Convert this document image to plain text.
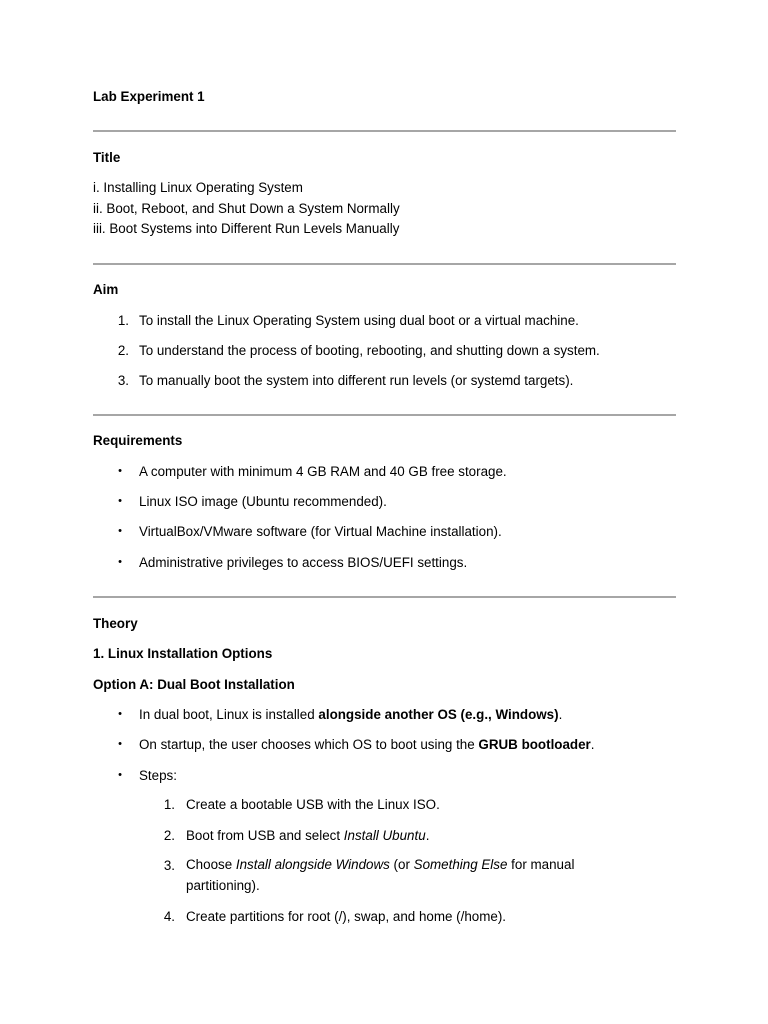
Lab Experiment 1
Title
i. Installing Linux Operating System
ii. Boot, Reboot, and Shut Down a System Normally
iii. Boot Systems into Different Run Levels Manually
Aim
1. To install the Linux Operating System using dual boot or a virtual machine.
2. To understand the process of booting, rebooting, and shutting down a system.
3. To manually boot the system into different run levels (or systemd targets).
Requirements
•	A computer with minimum 4 GB RAM and 40 GB free storage.
•	Linux ISO image (Ubuntu recommended).
•	VirtualBox/VMware software (for Virtual Machine installation).
•	Administrative privileges to access BIOS/UEFI settings.
Theory
1. Linux Installation Options
Option A: Dual Boot Installation
•	In dual boot, Linux is installed alongside another OS (e.g., Windows).
•	On startup, the user chooses which OS to boot using the GRUB bootloader.
•	Steps:
1. Create a bootable USB with the Linux ISO.
2. Boot from USB and select Install Ubuntu.
3. Choose Install alongside Windows (or Something Else for manual partitioning).
4. Create partitions for root (/), swap, and home (/home).
